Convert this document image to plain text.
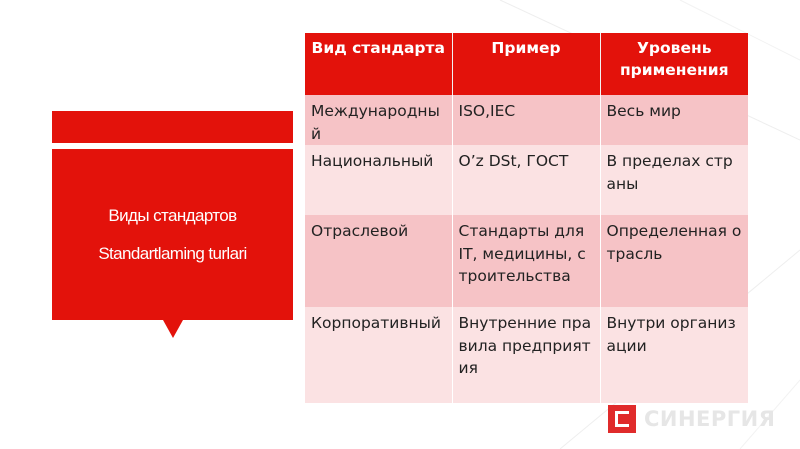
Виды стандартов
Standartlaming turlari
Вид стандарта	Пример	Уровень применения
Международный	ISO,IEC	Весь мир
Национальный	O’z DSt, ГОСТ	В пределах страны
Отраслевой	Стандарты для IT, медицины, строительства	Определенная отрасль
Корпоративный	Внутренние правила предприятия	Внутри организации
СИНЕРГИЯ
